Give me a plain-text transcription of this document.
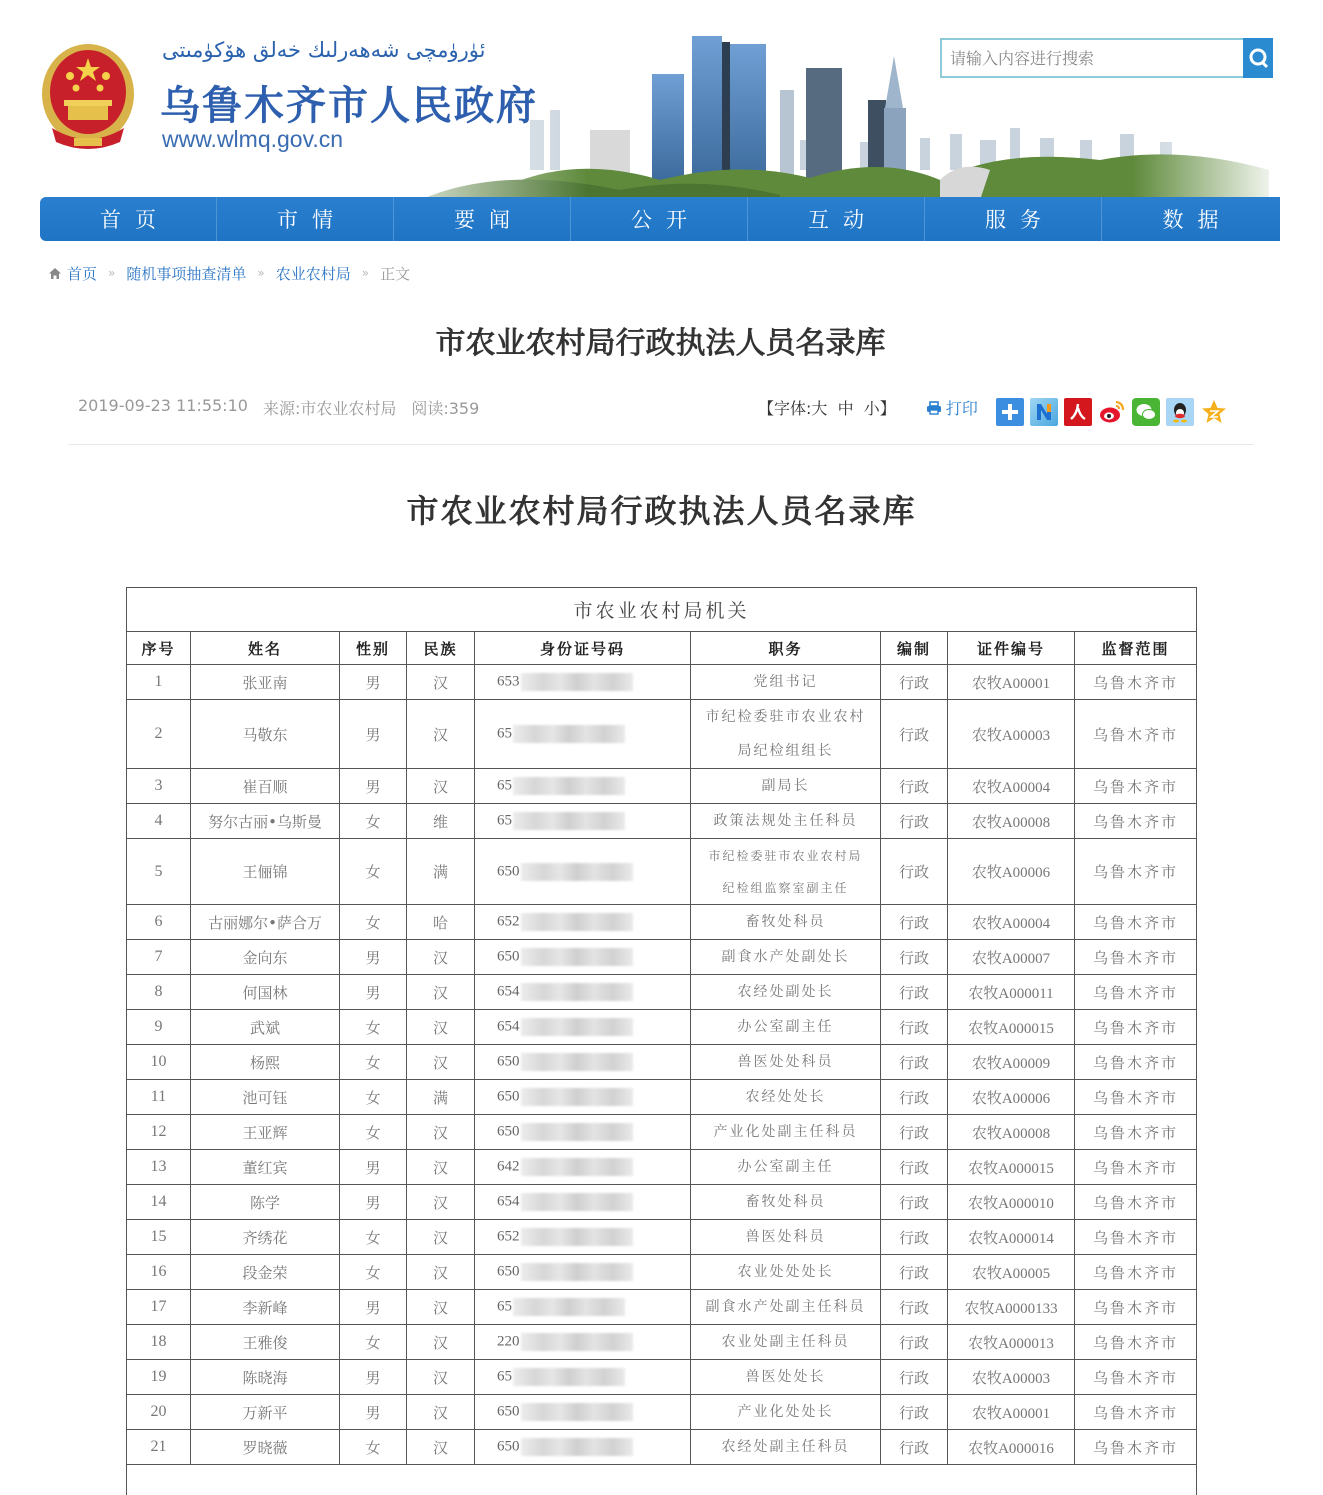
ئۈرۈمچى شەھەرلىك خەلق ھۆكۈمىتى
乌鲁木齐市人民政府
www.wlmq.gov.cn
请输入内容进行搜索
首页	市情	要闻	公开	互动	服务	数据
首页 » 随机事项抽查清单 » 农业农村局 » 正文
市农业农村局行政执法人员名录库
2019-09-23 11:55:10 来源:市农业农村局 阅读:359	【字体:大 中 小】	打印
市农业农村局行政执法人员名录库
市农业农村局机关								
序号	姓名	性别	民族	身份证号码	职务	编制	证件编号	监督范围
1	张亚南	男	汉	653	党组书记	行政	农牧A00001	乌鲁木齐市
2	马敬东	男	汉	65	市纪检委驻市农业农村局纪检组组长	行政	农牧A00003	乌鲁木齐市
3	崔百顺	男	汉	65	副局长	行政	农牧A00004	乌鲁木齐市
4	努尔古丽•乌斯曼	女	维	65	政策法规处主任科员	行政	农牧A00008	乌鲁木齐市
5	王俪锦	女	满	650	市纪检委驻市农业农村局纪检组监察室副主任	行政	农牧A00006	乌鲁木齐市
6	古丽娜尔•萨合万	女	哈	652	畜牧处科员	行政	农牧A00004	乌鲁木齐市
7	金向东	男	汉	650	副食水产处副处长	行政	农牧A00007	乌鲁木齐市
8	何国林	男	汉	654	农经处副处长	行政	农牧A000011	乌鲁木齐市
9	武斌	女	汉	654	办公室副主任	行政	农牧A000015	乌鲁木齐市
10	杨熙	女	汉	650	兽医处处科员	行政	农牧A00009	乌鲁木齐市
11	池可钰	女	满	650	农经处处长	行政	农牧A00006	乌鲁木齐市
12	王亚辉	女	汉	650	产业化处副主任科员	行政	农牧A00008	乌鲁木齐市
13	董红宾	男	汉	642	办公室副主任	行政	农牧A000015	乌鲁木齐市
14	陈学	男	汉	654	畜牧处科员	行政	农牧A000010	乌鲁木齐市
15	齐绣花	女	汉	652	兽医处科员	行政	农牧A000014	乌鲁木齐市
16	段金荣	女	汉	650	农业处处处长	行政	农牧A00005	乌鲁木齐市
17	李新峰	男	汉	65	副食水产处副主任科员	行政	农牧A0000133	乌鲁木齐市
18	王雅俊	女	汉	220	农业处副主任科员	行政	农牧A000013	乌鲁木齐市
19	陈晓海	男	汉	65	兽医处处长	行政	农牧A00003	乌鲁木齐市
20	万新平	男	汉	650	产业化处处长	行政	农牧A00001	乌鲁木齐市
21	罗晓薇	女	汉	650	农经处副主任科员	行政	农牧A000016	乌鲁木齐市
